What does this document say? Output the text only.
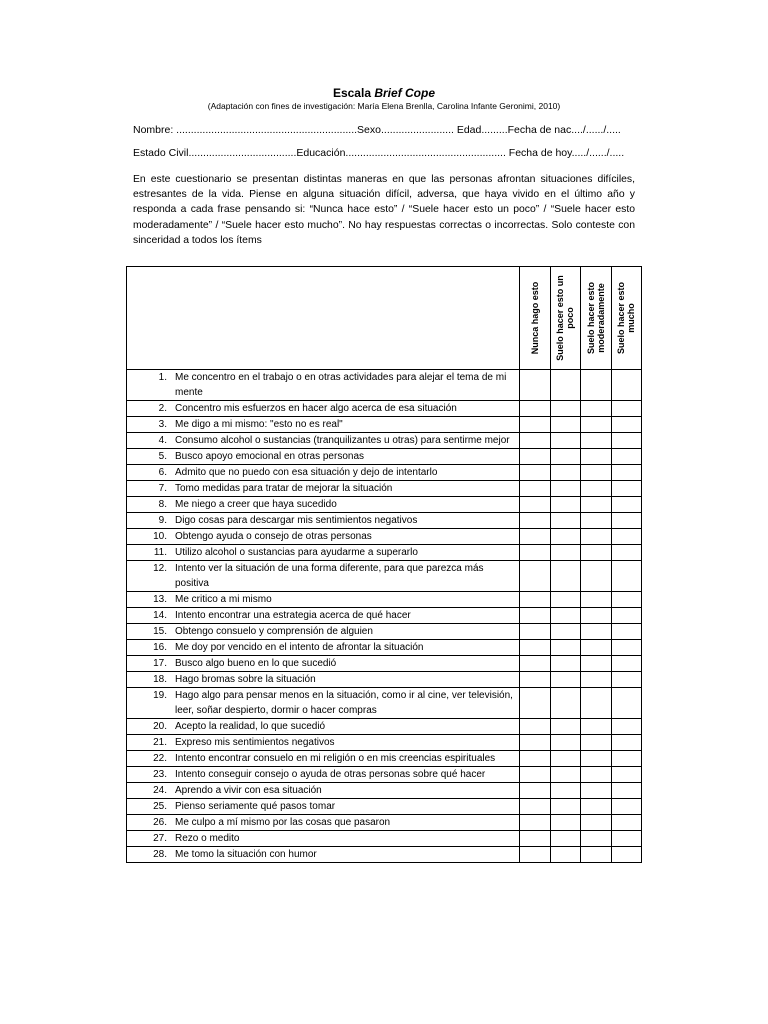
Escala Brief Cope
(Adaptación con fines de investigación: María Elena Brenlla, Carolina Infante Geronimi, 2010)
Nombre: ..............................................................Sexo......................... Edad.........Fecha de nac..../....../.....
Estado Civil.....................................Educación....................................................... Fecha de hoy...../....../.....
En este cuestionario se presentan distintas maneras en que las personas afrontan situaciones difíciles, estresantes de la vida. Piense en alguna situación difícil, adversa, que haya vivido en el último año y responda a cada frase pensando si: “Nunca hace esto” / “Suele hacer esto un poco” / “Suele hacer esto moderadamente” / “Suele hacer esto mucho”. No hay respuestas correctas o incorrectas. Solo conteste con sinceridad a todos los ítems

	Nunca hago esto	Suelo hacer esto un poco	Suelo hacer esto moderadamente	Suelo hacer esto mucho

1. Me concentro en el trabajo o en otras actividades para alejar el tema de mi mente				

2. Concentro mis esfuerzos en hacer algo acerca de esa situación				

3. Me digo a mi mismo: "esto no es real"				

4. Consumo alcohol o sustancias (tranquilizantes u otras) para sentirme mejor				

5. Busco apoyo emocional en otras personas				

6. Admito que no puedo con esa situación y dejo de intentarlo				

7. Tomo medidas para tratar de mejorar la situación				

8. Me niego a creer que haya sucedido				

9. Digo cosas para descargar mis sentimientos negativos				

10. Obtengo ayuda o consejo de otras personas				

11. Utilizo alcohol o sustancias para ayudarme a superarlo				

12. Intento ver la situación de una forma diferente, para que parezca más positiva				

13. Me critico a mi mismo				

14. Intento encontrar una estrategia acerca de qué hacer				

15. Obtengo consuelo y comprensión de alguien				

16. Me doy por vencido en el intento de afrontar la situación				

17. Busco algo bueno en lo que sucedió				

18. Hago bromas sobre la situación				

19. Hago algo para pensar menos en la situación, como ir al cine, ver televisión, leer, soñar despierto, dormir o hacer compras				

20. Acepto la realidad, lo que sucedió				

21. Expreso mis sentimientos negativos				

22. Intento encontrar consuelo en mi religión o en mis creencias espirituales				

23. Intento conseguir consejo o ayuda de otras personas sobre qué hacer				

24. Aprendo a vivir con esa situación				

25. Pienso seriamente qué pasos tomar				

26. Me culpo a mí mismo por las cosas que pasaron				

27. Rezo o medito				

28. Me tomo la situación con humor				
